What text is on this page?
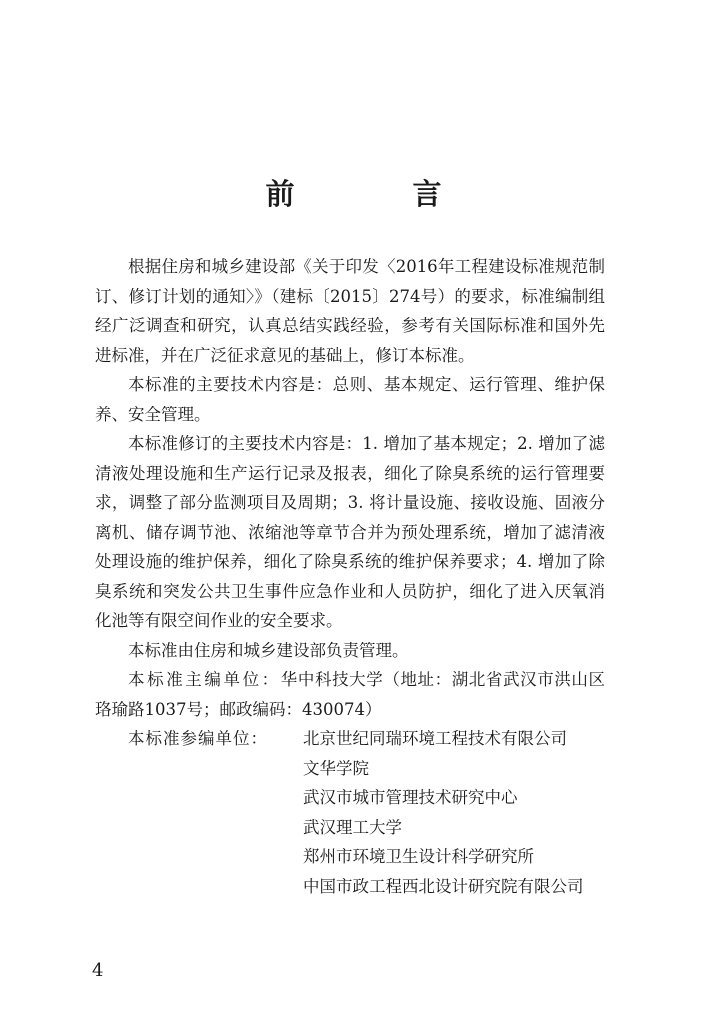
前 言

根据住房和城乡建设部《关于印发〈2016年工程建设标准规范制订、修订计划的通知〉》（建标〔2015〕274号）的要求，标准编制组经广泛调查和研究，认真总结实践经验，参考有关国际标准和国外先进标准，并在广泛征求意见的基础上，修订本标准。

本标准的主要技术内容是：总则、基本规定、运行管理、维护保养、安全管理。

本标准修订的主要技术内容是：1. 增加了基本规定；2. 增加了滤清液处理设施和生产运行记录及报表，细化了除臭系统的运行管理要求，调整了部分监测项目及周期；3. 将计量设施、接收设施、固液分离机、储存调节池、浓缩池等章节合并为预处理系统，增加了滤清液处理设施的维护保养，细化了除臭系统的维护保养要求；4. 增加了除臭系统和突发公共卫生事件应急作业和人员防护，细化了进入厌氧消化池等有限空间作业的安全要求。

本标准由住房和城乡建设部负责管理。

本标准主编单位：华中科技大学（地址：湖北省武汉市洪山区珞瑜路1037号；邮政编码：430074）

本标准参编单位：	北京世纪同瑞环境工程技术有限公司
文华学院
武汉市城市管理技术研究中心
武汉理工大学
郑州市环境卫生设计科学研究所
中国市政工程西北设计研究院有限公司
4
